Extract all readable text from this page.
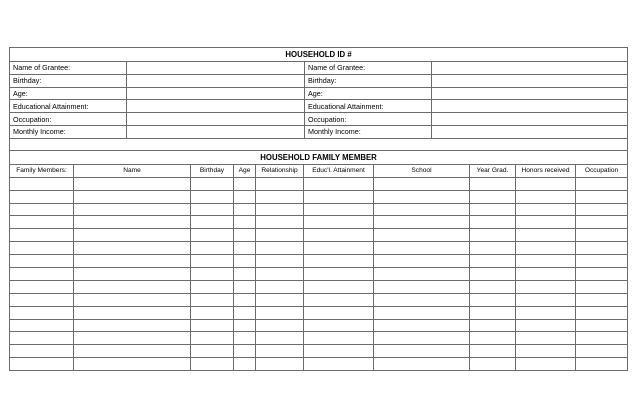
HOUSEHOLD ID #			
Name of Grantee:		Name of Grantee:	
Birthday:		Birthday:	
Age:		Age:	
Educational Attainment:		Educational Attainment:	
Occupation:		Occupation:	
Monthly Income:		Monthly Income:	

HOUSEHOLD FAMILY MEMBER			
Family Members:	Name	Birthday	Age	Relationship	Educ'l. Attainment	School	Year Grad.	Honors received	Occupation
